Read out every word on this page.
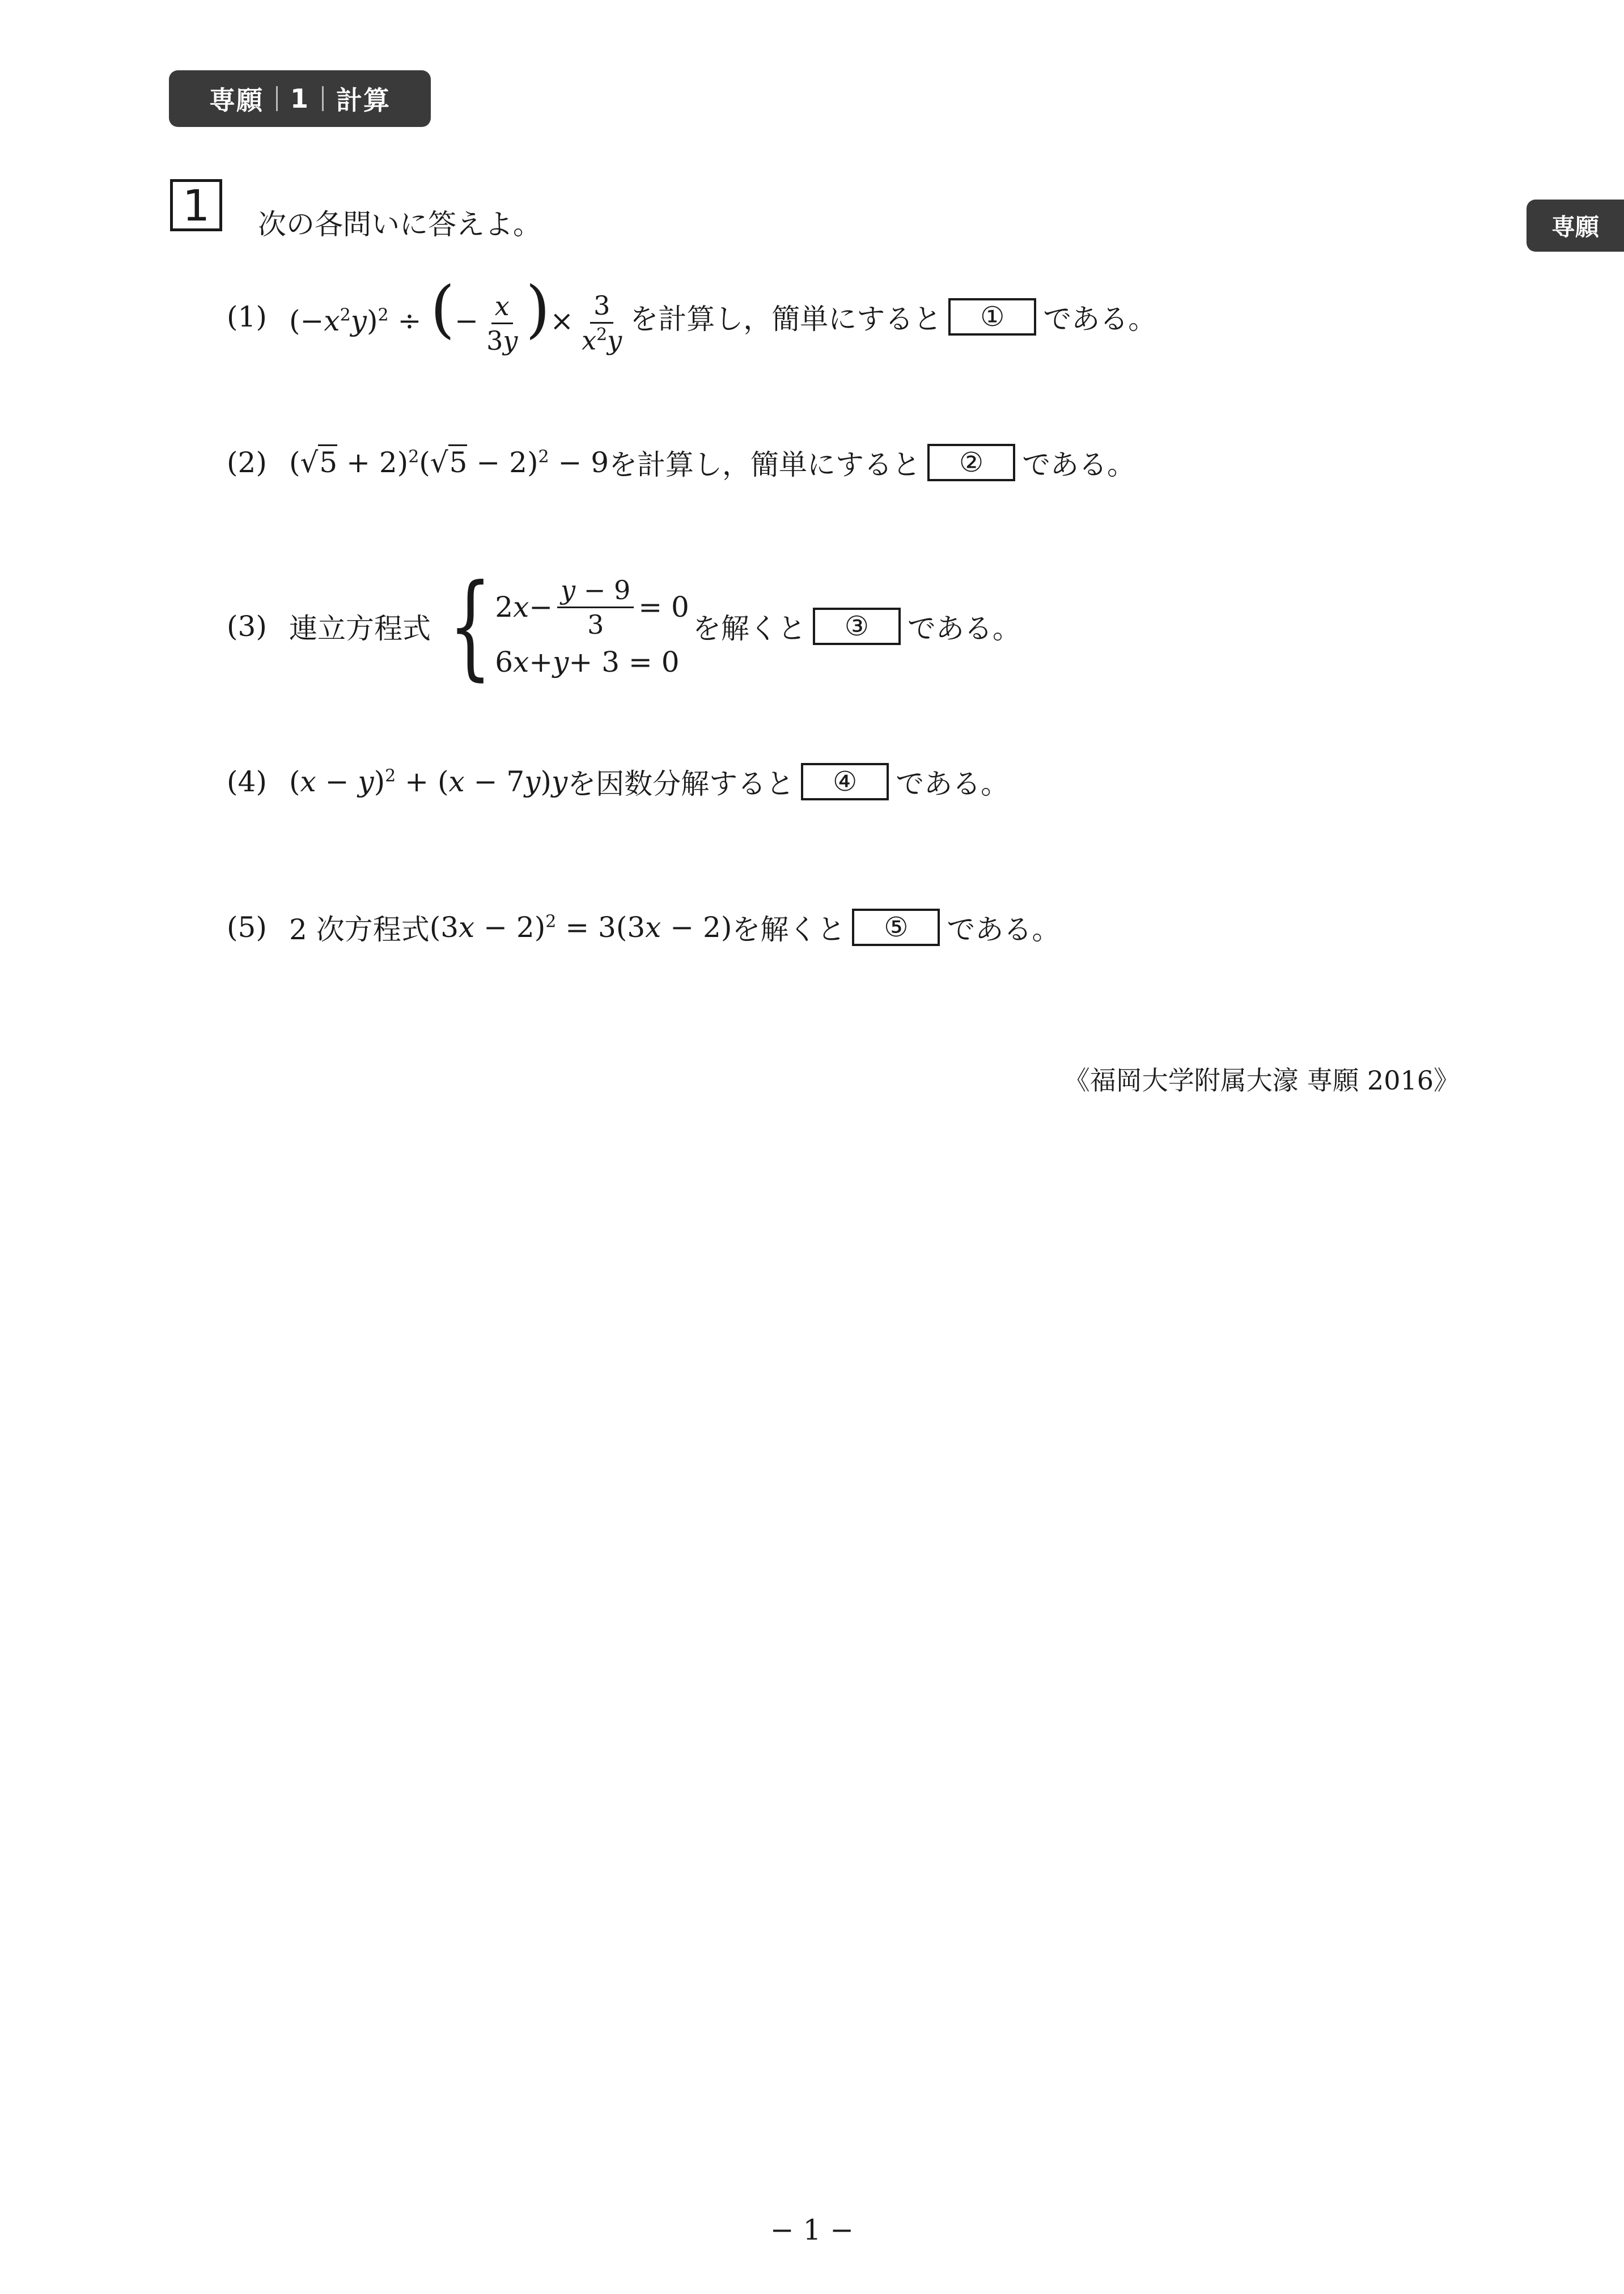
専願 1 計算
専願
1	次の各問いに答えよ。
(1) $(-x^2y)^2$ ÷ (− $\frac{x}{3y}$ )× $\frac{3}{x^2y}$ を計算し，簡単にすると	①	である。
(2) $(√5 + 2)^2(√5 - 2)^2 - 9$ を計算し，簡単にすると	②	である。
(3) 連立方程式 { 2 $x - \frac{y - 9}{3} = 0$
6 x + y + 3 = 0
を解くと	③	である。
(4) $(x - y)^2 + (x - 7y)y$ を因数分解すると	④	である。
(5) 2 次方程式 $(3x - 2)^2 = 3(3x - 2)$ を解くと	⑤	である。
《福岡大学附属大濠 専願 2016》
− 1 −
